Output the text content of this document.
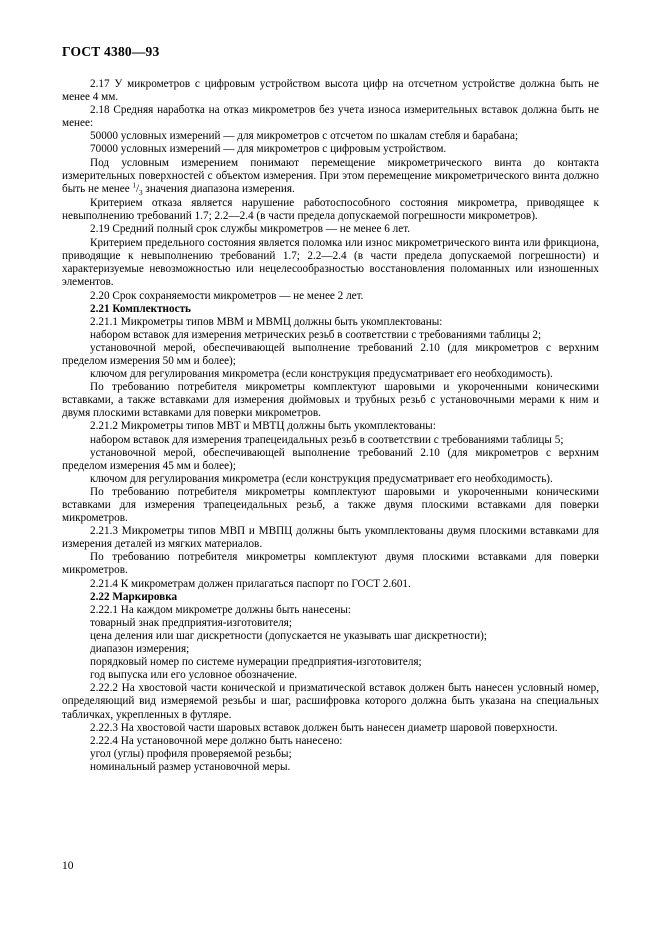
ГОСТ 4380—93

2.17 У микрометров с цифровым устройством высота цифр на отсчетном устройстве должна быть не менее 4 мм.

2.18 Средняя наработка на отказ микрометров без учета износа измерительных вставок должна быть не менее:

50000 условных измерений — для микрометров с отсчетом по шкалам стебля и барабана;

70000 условных измерений — для микрометров с цифровым устройством.

Под условным измерением понимают перемещение микрометрического винта до контакта измерительных поверхностей с объектом измерения. При этом перемещение микрометрического винта должно быть не менее $^1/_3$ значения диапазона измерения.

Критерием отказа является нарушение работоспособного состояния микрометра, приводящее к невыполнению требований 1.7; 2.2—2.4 (в части предела допускаемой погрешности микрометров).

2.19 Средний полный срок службы микрометров — не менее 6 лет.

Критерием предельного состояния является поломка или износ микрометрического винта или фрикциона, приводящие к невыполнению требований 1.7; 2.2—2.4 (в части предела допускаемой погрешности) и характеризуемые невозможностью или нецелесообразностью восстановления поломанных или изношенных элементов.

2.20 Срок сохраняемости микрометров — не менее 2 лет.

2.21 Комплектность

2.21.1 Микрометры типов МВМ и МВМЦ должны быть укомплектованы:

набором вставок для измерения метрических резьб в соответствии с требованиями таблицы 2;

установочной мерой, обеспечивающей выполнение требований 2.10 (для микрометров с верхним пределом измерения 50 мм и более);

ключом для регулирования микрометра (если конструкция предусматривает его необходимость).

По требованию потребителя микрометры комплектуют шаровыми и укороченными коническими вставками, а также вставками для измерения дюймовых и трубных резьб с установочными мерами к ним и двумя плоскими вставками для поверки микрометров.

2.21.2 Микрометры типов МВТ и МВТЦ должны быть укомплектованы:

набором вставок для измерения трапецеидальных резьб в соответствии с требованиями таблицы 5;

установочной мерой, обеспечивающей выполнение требований 2.10 (для микрометров с верхним пределом измерения 45 мм и более);

ключом для регулирования микрометра (если конструкция предусматривает его необходимость).

По требованию потребителя микрометры комплектуют шаровыми и укороченными коническими вставками для измерения трапецеидальных резьб, а также двумя плоскими вставками для поверки микрометров.

2.21.3 Микрометры типов МВП и МВПЦ должны быть укомплектованы двумя плоскими вставками для измерения деталей из мягких материалов.

По требованию потребителя микрометры комплектуют двумя плоскими вставками для поверки микрометров.

2.21.4 К микрометрам должен прилагаться паспорт по ГОСТ 2.601.

2.22 Маркировка

2.22.1 На каждом микрометре должны быть нанесены:

товарный знак предприятия-изготовителя;

цена деления или шаг дискретности (допускается не указывать шаг дискретности);

диапазон измерения;

порядковый номер по системе нумерации предприятия-изготовителя;

год выпуска или его условное обозначение.

2.22.2 На хвостовой части конической и призматической вставок должен быть нанесен условный номер, определяющий вид измеряемой резьбы и шаг, расшифровка которого должна быть указана на специальных табличках, укрепленных в футляре.

2.22.3 На хвостовой части шаровых вставок должен быть нанесен диаметр шаровой поверхности.

2.22.4 На установочной мере должно быть нанесено:

угол (углы) профиля проверяемой резьбы;

номинальный размер установочной меры.

10
